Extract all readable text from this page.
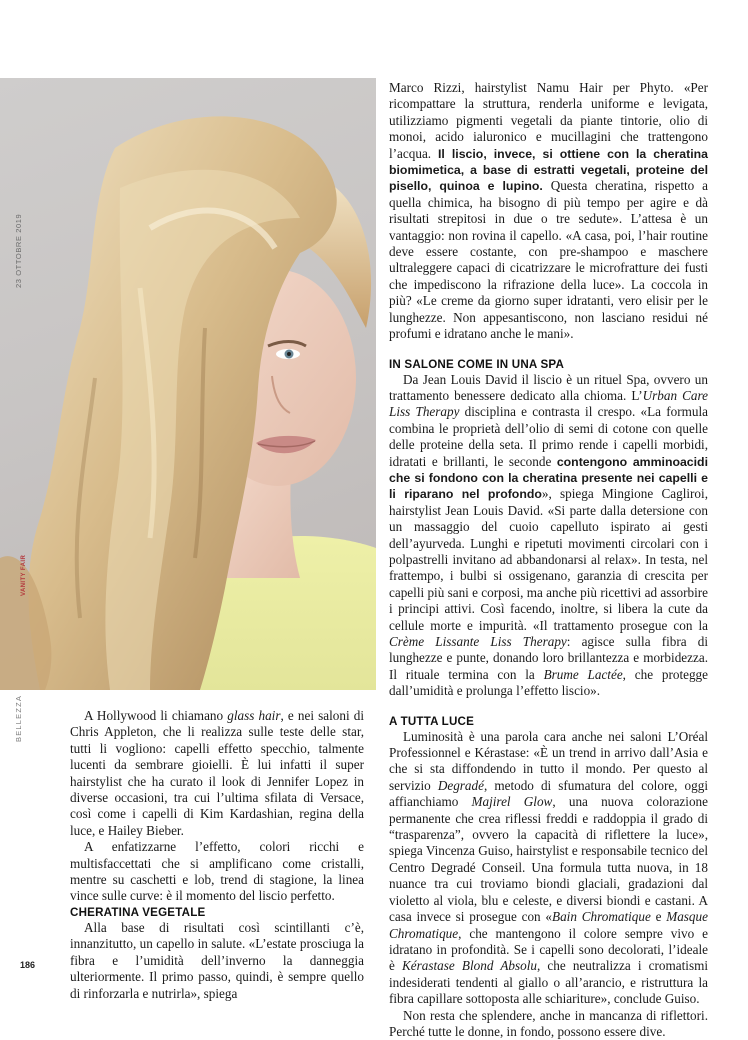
23 OTTOBRE 2019
VANITY FAIR
BELLEZZA	A Hollywood li chiamano glass hair, e nei saloni di Chris Appleton, che li realizza sulle teste delle star, tutti li vogliono: capelli effetto specchio, talmente lucenti da sembrare gioielli. È lui infatti il super hairstylist che ha curato il look di Jennifer Lopez in diverse occasioni, tra cui l’ultima sfilata di Versace, così come i capelli di Kim Kardashian, regina della luce, e Hailey Bieber.

A enfatizzarne l’effetto, colori ricchi e multisfaccettati che si amplificano come cristalli, mentre su caschetti e lob, trend di stagione, la linea vince sulle curve: è il momento del liscio perfetto.

CHERATINA VEGETALE

Alla base di risultati così scintillanti c’è, innanzitutto, un capello in salute. «L’estate prosciuga la fibra e l’umidità dell’inverno la danneggia ulteriormente. Il primo passo, quindi, è sempre quello di rinforzarla e nutrirla», spiega

Marco Rizzi, hairstylist Namu Hair per Phyto. «Per ricompattare la struttura, renderla uniforme e levigata, utilizziamo pigmenti vegetali da piante tintorie, olio di monoi, acido ialuronico e mucillagini che trattengono l’acqua. Il liscio, invece, si ottiene con la cheratina biomimetica, a base di estratti vegetali, proteine del pisello, quinoa e lupino. Questa cheratina, rispetto a quella chimica, ha bisogno di più tempo per agire e dà risultati strepitosi in due o tre sedute». L’attesa è un vantaggio: non rovina il capello. «A casa, poi, l’hair routine deve essere costante, con pre-shampoo e maschere ultraleggere capaci di cicatrizzare le microfratture dei fusti che impediscono la rifrazione della luce». La coccola in più? «Le creme da giorno super idratanti, vero elisir per le lunghezze. Non appesantiscono, non lasciano residui né profumi e idratano anche le mani».

IN SALONE COME IN UNA SPA

Da Jean Louis David il liscio è un rituel Spa, ovvero un trattamento benessere dedicato alla chioma. L’Urban Care Liss Therapy disciplina e contrasta il crespo. «La formula combina le proprietà dell’olio di semi di cotone con quelle delle proteine della seta. Il primo rende i capelli morbidi, idratati e brillanti, le seconde contengono amminoacidi che si fondono con la cheratina presente nei capelli e li riparano nel profondo», spiega Mingione Cagliroi, hairstylist Jean Louis David. «Si parte dalla detersione con un massaggio del cuoio capelluto ispirato ai gesti dell’ayurveda. Lunghi e ripetuti movimenti circolari con i polpastrelli invitano ad abbandonarsi al relax». In testa, nel frattempo, i bulbi si ossigenano, garanzia di crescita per capelli più sani e corposi, ma anche più ricettivi ad assorbire i principi attivi. Così facendo, inoltre, si libera la cute da cellule morte e impurità. «Il trattamento prosegue con la Crème Lissante Liss Therapy: agisce sulla fibra di lunghezze e punte, donando loro brillantezza e morbidezza. Il rituale termina con la Brume Lactée, che protegge dall’umidità e prolunga l’effetto liscio».

A TUTTA LUCE

Luminosità è una parola cara anche nei saloni L’Oréal Professionnel e Kérastase: «È un trend in arrivo dall’Asia e che si sta diffondendo in tutto il mondo. Per questo al servizio Degradé, metodo di sfumatura del colore, oggi affianchiamo Majirel Glow, una nuova colorazione permanente che crea riflessi freddi e raddoppia il grado di “trasparenza”, ovvero la capacità di riflettere la luce», spiega Vincenza Guiso, hairstylist e responsabile tecnico del Centro Degradé Conseil. Una formula tutta nuova, in 18 nuance tra cui troviamo biondi glaciali, gradazioni dal violetto al viola, blu e celeste, e diversi biondi e castani. A casa invece si prosegue con «Bain Chromatique e Masque Chromatique, che mantengono il colore sempre vivo e idratano in profondità. Se i capelli sono decolorati, l’ideale è Kérastase Blond Absolu, che neutralizza i cromatismi indesiderati tendenti al giallo o all’arancio, e ristruttura la fibra capillare sottoposta alle schiariture», conclude Guiso.

Non resta che splendere, anche in mancanza di riflettori. Perché tutte le donne, in fondo, possono essere dive.

186
